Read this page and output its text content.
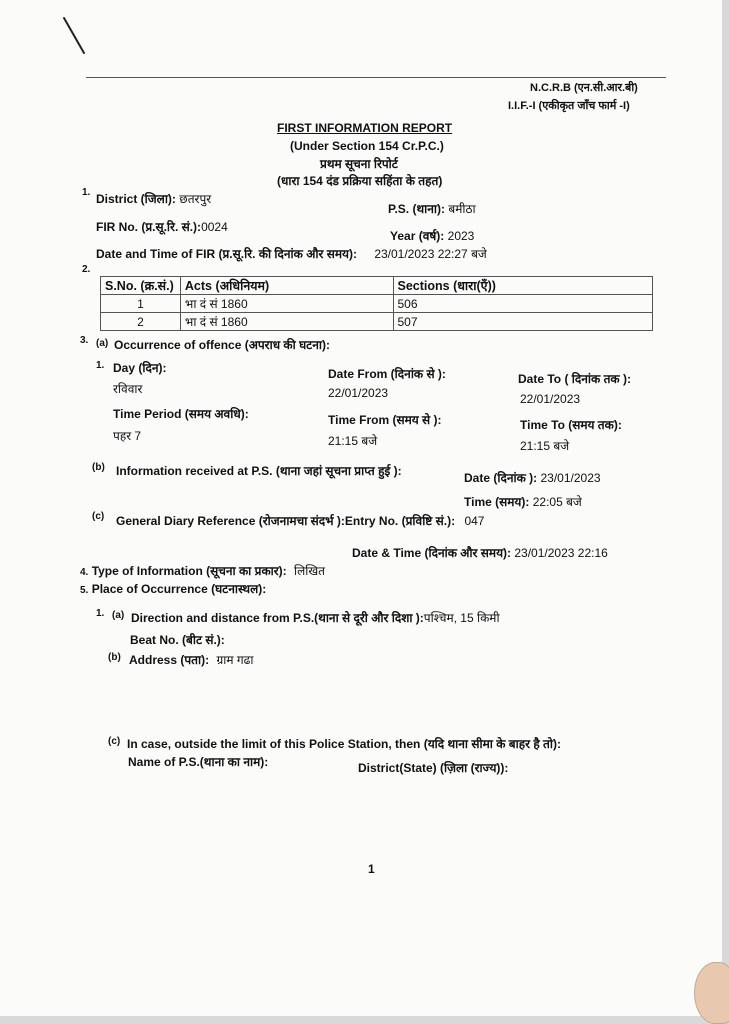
N.C.R.B (एन.सी.आर.बी)
I.I.F.-I (एकीकृत जाँच फार्म -I)
FIRST INFORMATION REPORT
(Under Section 154 Cr.P.C.)
प्रथम सूचना रिपोर्ट
(धारा 154 दंड प्रक्रिया सहिंता के तहत)
1. District (जिला): छतरपुर
P.S. (थाना): बमीठा
FIR No. (प्र.सू.रि. सं.):0024
Year (वर्ष): 2023
Date and Time of FIR (प्र.सू.रि. की दिनांक और समय): 23/01/2023 22:27 बजे
2.
S.No. (क्र.सं.)	Acts (अधिनियम)	Sections (धारा(एँ))
1	भा दं सं 1860	506
2	भा दं सं 1860	507
3. (a) Occurrence of offence (अपराध की घटना):
1. Day (दिन):
रविवार
Date From (दिनांक से ):
22/01/2023
Date To ( दिनांक तक ):
22/01/2023
Time Period (समय अवधि):
पहर 7
Time From (समय से ):
21:15 बजे
Time To (समय तक):
21:15 बजे
(b) Information received at P.S. (थाना जहां सूचना प्राप्त हुई ):	Date (दिनांक ): 23/01/2023
Time (समय): 22:05 बजे
(c) General Diary Reference (रोजनामचा संदर्भ ):Entry No. (प्रविष्टि सं.): 047
Date & Time (दिनांक और समय): 23/01/2023 22:16
4. Type of Information (सूचना का प्रकार): लिखित
5. Place of Occurrence (घटनास्थल):
1. (a) Direction and distance from P.S.(थाना से दूरी और दिशा ):पश्चिम, 15 किमी
Beat No. (बीट सं.):
(b) Address (पता): ग्राम गढा
(c) In case, outside the limit of this Police Station, then (यदि थाना सीमा के बाहर है तो):
Name of P.S.(थाना का नाम):	District(State) (ज़िला (राज्य)):
1
